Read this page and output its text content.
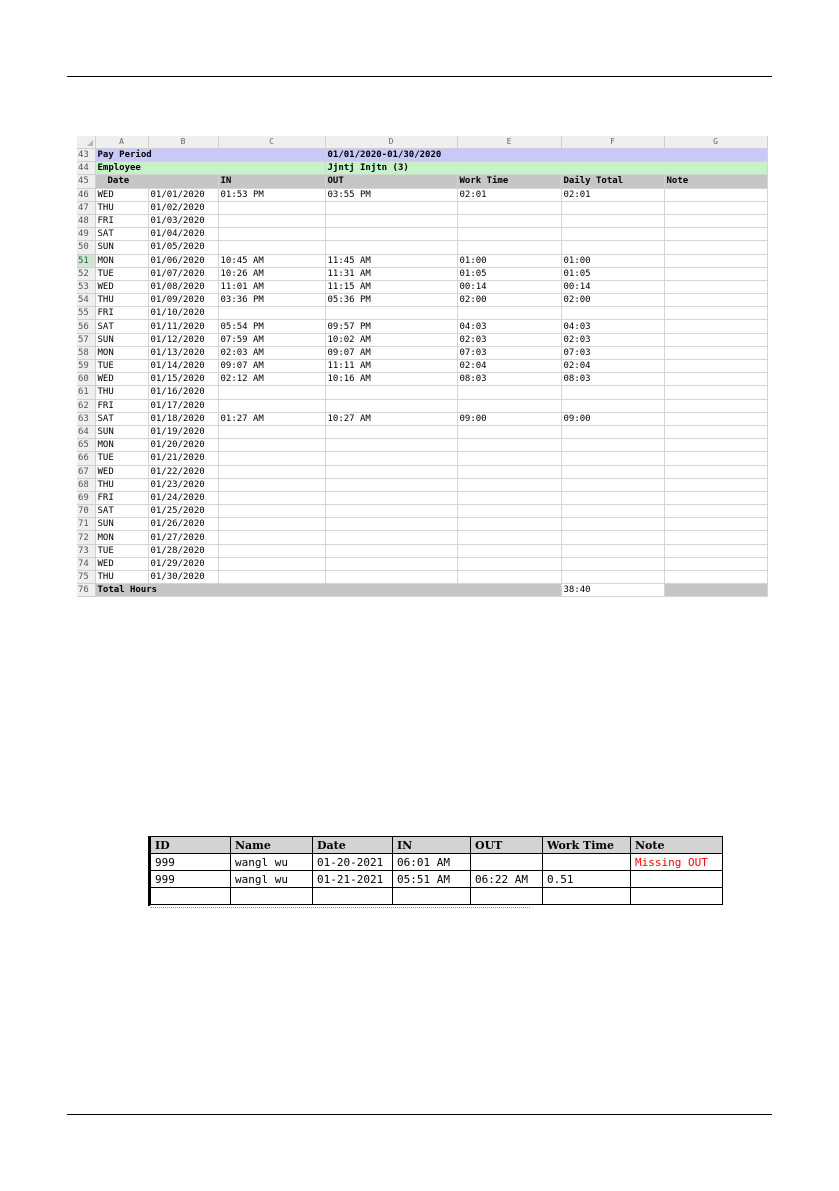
	A	B	C	D	E	F	G
43	Pay Period			01/01/2020-01/30/2020			
44	Employee			Jjntj Injtn (3)			
45	Date		IN	OUT	Work Time	Daily Total	Note
46	WED	01/01/2020	01:53 PM	03:55 PM	02:01	02:01	
47	THU	01/02/2020					
48	FRI	01/03/2020					
49	SAT	01/04/2020					
50	SUN	01/05/2020					
51	MON	01/06/2020	10:45 AM	11:45 AM	01:00	01:00	
52	TUE	01/07/2020	10:26 AM	11:31 AM	01:05	01:05	
53	WED	01/08/2020	11:01 AM	11:15 AM	00:14	00:14	
54	THU	01/09/2020	03:36 PM	05:36 PM	02:00	02:00	
55	FRI	01/10/2020					
56	SAT	01/11/2020	05:54 PM	09:57 PM	04:03	04:03	
57	SUN	01/12/2020	07:59 AM	10:02 AM	02:03	02:03	
58	MON	01/13/2020	02:03 AM	09:07 AM	07:03	07:03	
59	TUE	01/14/2020	09:07 AM	11:11 AM	02:04	02:04	
60	WED	01/15/2020	02:12 AM	10:16 AM	08:03	08:03	
61	THU	01/16/2020					
62	FRI	01/17/2020					
63	SAT	01/18/2020	01:27 AM	10:27 AM	09:00	09:00	
64	SUN	01/19/2020					
65	MON	01/20/2020					
66	TUE	01/21/2020					
67	WED	01/22/2020					
68	THU	01/23/2020					
69	FRI	01/24/2020					
70	SAT	01/25/2020					
71	SUN	01/26/2020					
72	MON	01/27/2020					
73	TUE	01/28/2020					
74	WED	01/29/2020					
75	THU	01/30/2020					
76	Total Hours					38:40	
ID	Name	Date	IN	OUT	Work Time	Note
999	wangl wu	01-20-2021	06:01 AM			Missing OUT
999	wangl wu	01-21-2021	05:51 AM	06:22 AM	0.51	
